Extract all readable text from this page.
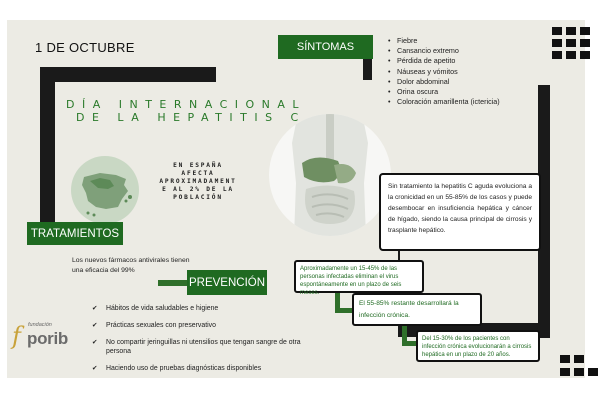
1 DE OCTUBRE
DÍA INTERNACIONAL
DE LA HEPATITIS C
SÍNTOMAS
• Fiebre
• Cansancio extremo
• Pérdida de apetito
• Náuseas y vómitos
• Dolor abdominal
• Orina oscura
• Coloración amarillenta (ictericia)
EN ESPAÑA
AFECTA
APROXIMADAMENT
E AL 2% DE LA
POBLACIÓN
TRATAMIENTOS
Los nuevos fármacos antivirales tienen una eficacia del 99%
PREVENCIÓN
✔ Hábitos de vida saludables e higiene
✔ Prácticas sexuales con preservativo
✔ No compartir jeringuillas ni utensilios que tengan sangre de otra persona
✔ Haciendo uso de pruebas diagnósticas disponibles
f	fundación
porib
Sin tratamiento la hepatitis C aguda evoluciona a la cronicidad en un 55-85% de los casos y puede desembocar en insuficiencia hepática y cáncer de hígado, siendo la causa principal de cirrosis y trasplante hepático.
Aproximadamente un 15-45% de las personas infectadas eliminan el virus espontáneamente en un plazo de seis meses.
El 55-85% restante desarrollará la infección crónica.
Del 15-30% de los pacientes con infección crónica evolucionarán a cirrosis hepática en un plazo de 20 años.
